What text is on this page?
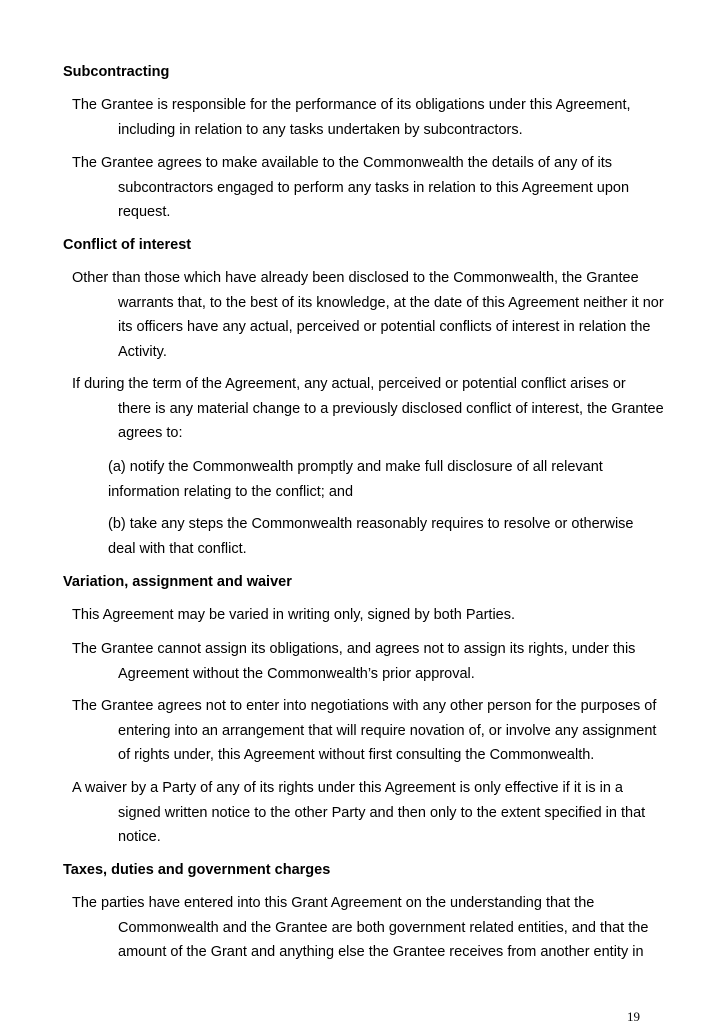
Subcontracting
The Grantee is responsible for the performance of its obligations under this Agreement,
including in relation to any tasks undertaken by subcontractors.
The Grantee agrees to make available to the Commonwealth the details of any of its
subcontractors engaged to perform any tasks in relation to this Agreement upon request.
Conflict of interest
Other than those which have already been disclosed to the Commonwealth, the Grantee
warrants that, to the best of its knowledge, at the date of this Agreement neither it nor its officers have any actual, perceived or potential conflicts of interest in relation the Activity.
If during the term of the Agreement, any actual, perceived or potential conflict arises or
there is any material change to a previously disclosed conflict of interest, the Grantee agrees to:
(a) notify the Commonwealth promptly and make full disclosure of all relevant information relating to the conflict; and
(b) take any steps the Commonwealth reasonably requires to resolve or otherwise deal with that conflict.
Variation, assignment and waiver
This Agreement may be varied in writing only, signed by both Parties.
The Grantee cannot assign its obligations, and agrees not to assign its rights, under this
Agreement without the Commonwealth’s prior approval.
The Grantee agrees not to enter into negotiations with any other person for the purposes of
entering into an arrangement that will require novation of, or involve any assignment of rights under, this Agreement without first consulting the Commonwealth.
A waiver by a Party of any of its rights under this Agreement is only effective if it is in a
signed written notice to the other Party and then only to the extent specified in that notice.
Taxes, duties and government charges
The parties have entered into this Grant Agreement on the understanding that the
Commonwealth and the Grantee are both government related entities, and that the amount of the Grant and anything else the Grantee receives from another entity in
19
